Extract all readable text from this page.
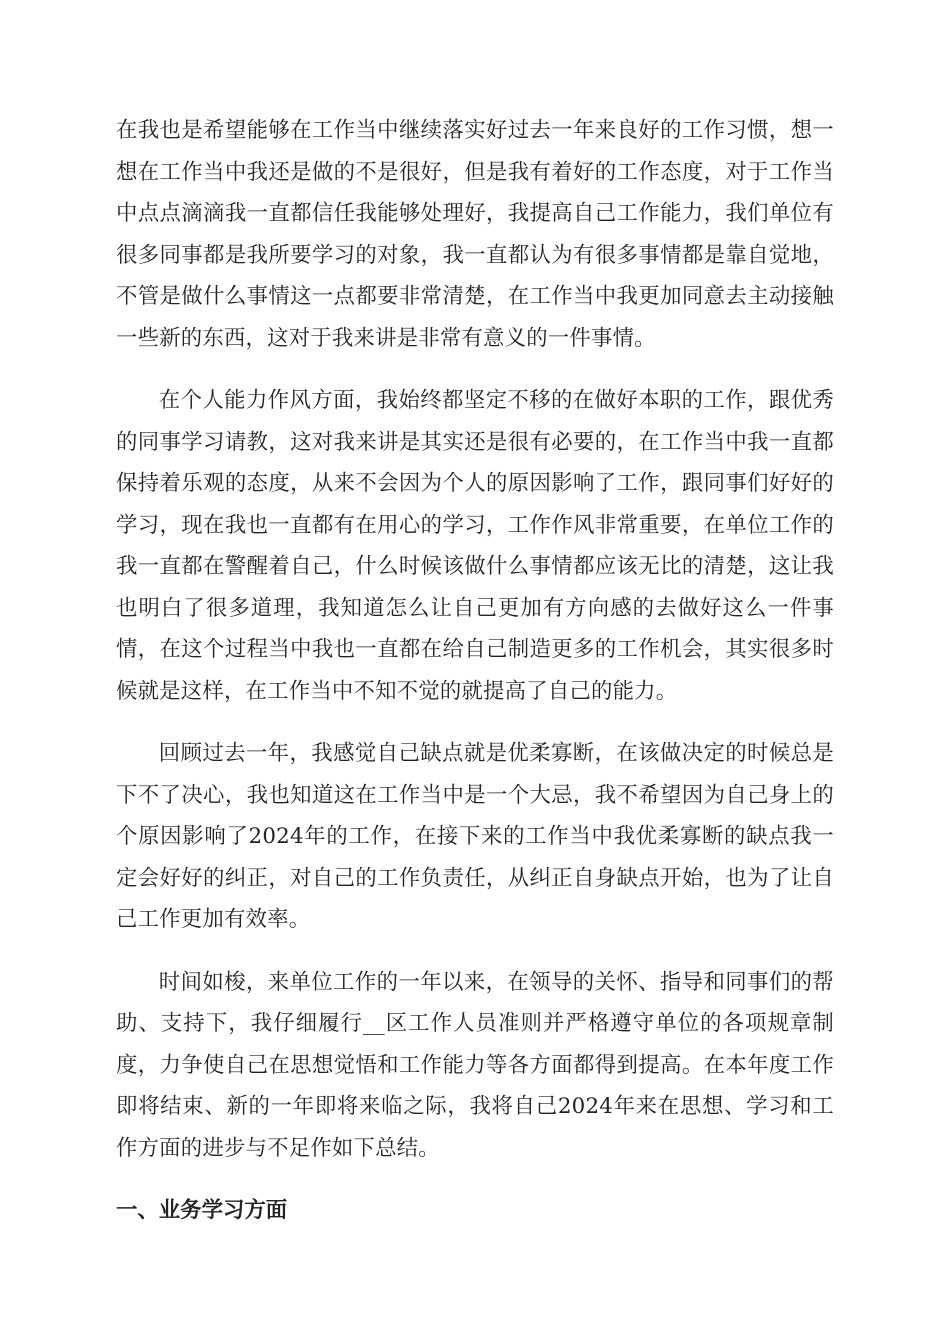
在我也是希望能够在工作当中继续落实好过去一年来良好的工作习惯，想一想在工作当中我还是做的不是很好，但是我有着好的工作态度，对于工作当中点点滴滴我一直都信任我能够处理好，我提高自己工作能力，我们单位有很多同事都是我所要学习的对象，我一直都认为有很多事情都是靠自觉地，不管是做什么事情这一点都要非常清楚，在工作当中我更加同意去主动接触一些新的东西，这对于我来讲是非常有意义的一件事情。

在个人能力作风方面，我始终都坚定不移的在做好本职的工作，跟优秀的同事学习请教，这对我来讲是其实还是很有必要的，在工作当中我一直都保持着乐观的态度，从来不会因为个人的原因影响了工作，跟同事们好好的学习，现在我也一直都有在用心的学习，工作作风非常重要，在单位工作的我一直都在警醒着自己，什么时候该做什么事情都应该无比的清楚，这让我也明白了很多道理，我知道怎么让自己更加有方向感的去做好这么一件事情，在这个过程当中我也一直都在给自己制造更多的工作机会，其实很多时候就是这样，在工作当中不知不觉的就提高了自己的能力。

回顾过去一年，我感觉自己缺点就是优柔寡断，在该做决定的时候总是下不了决心，我也知道这在工作当中是一个大忌，我不希望因为自己身上的个原因影响了2024年的工作，在接下来的工作当中我优柔寡断的缺点我一定会好好的纠正，对自己的工作负责任，从纠正自身缺点开始，也为了让自己工作更加有效率。

时间如梭，来单位工作的一年以来，在领导的关怀、指导和同事们的帮助、支持下，我仔细履行__区工作人员准则并严格遵守单位的各项规章制度，力争使自己在思想觉悟和工作能力等各方面都得到提高。在本年度工作即将结束、新的一年即将来临之际，我将自己2024年来在思想、学习和工作方面的进步与不足作如下总结。

一、业务学习方面
